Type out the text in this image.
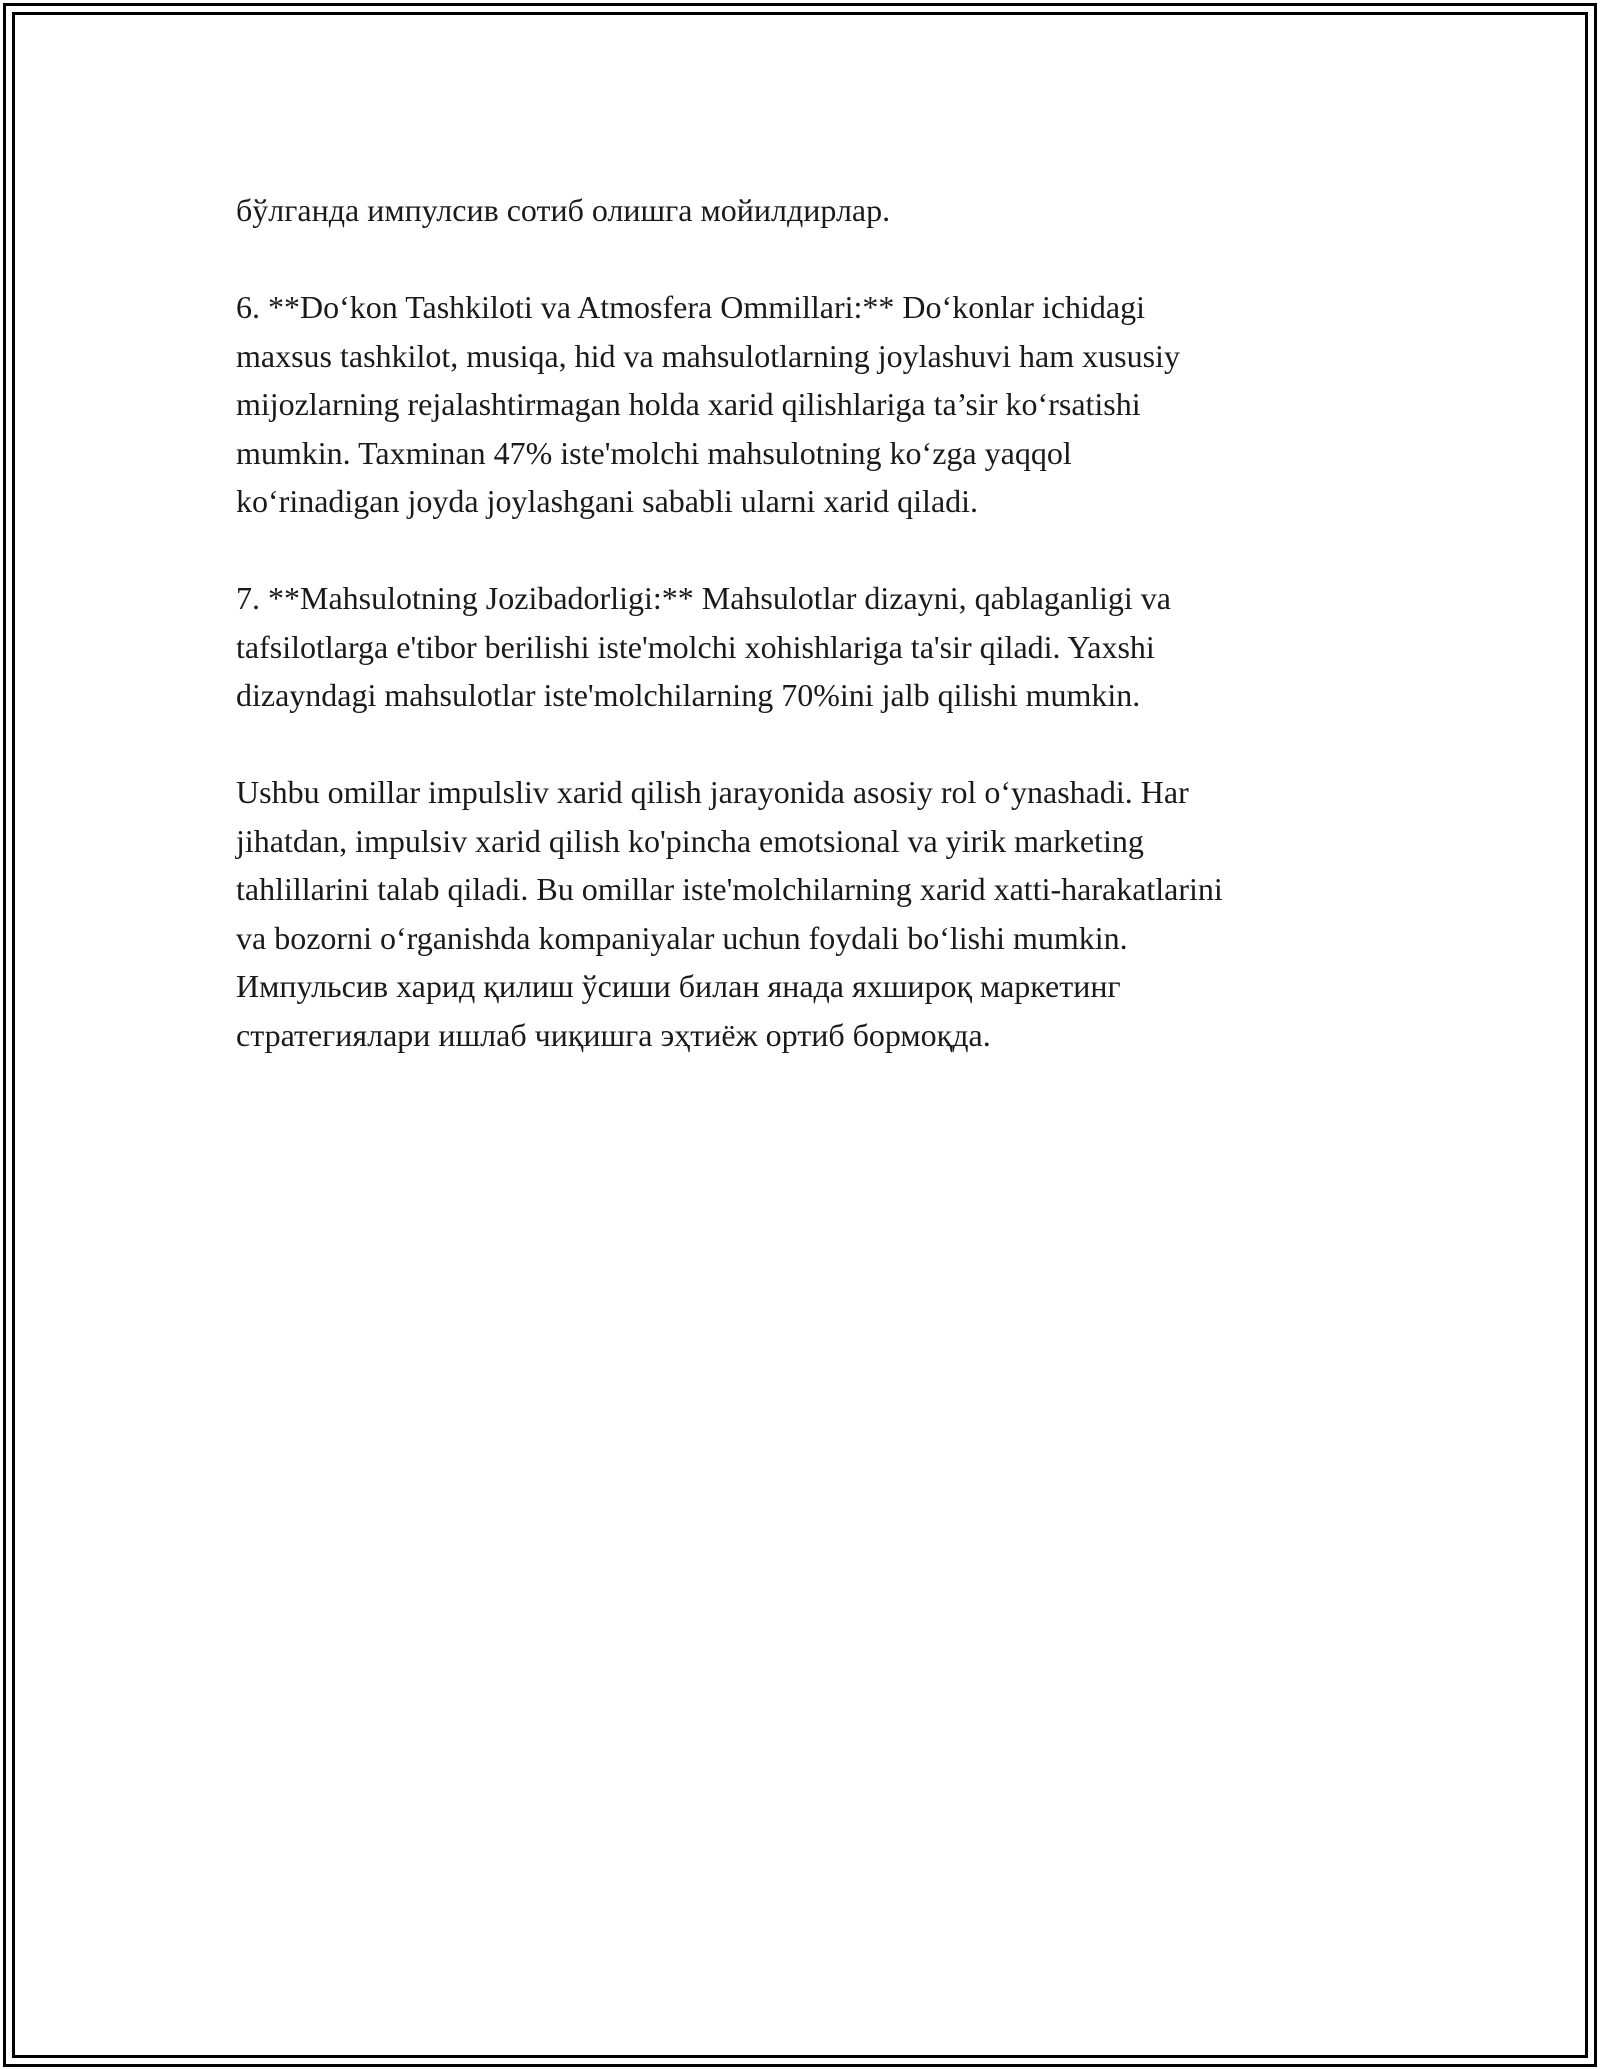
бўлганда импулсив сотиб олишга мойилдирлар.
6. **Do‘kon Tashkiloti va Atmosfera Ommillari:** Do‘konlar ichidagi
maxsus tashkilot, musiqa, hid va mahsulotlarning joylashuvi ham xususiy
mijozlarning rejalashtirmagan holda xarid qilishlariga ta’sir ko‘rsatishi
mumkin. Taxminan 47% iste'molchi mahsulotning ko‘zga yaqqol
ko‘rinadigan joyda joylashgani sababli ularni xarid qiladi.
7. **Mahsulotning Jozibadorligi:** Mahsulotlar dizayni, qablaganligi va
tafsilotlarga e'tibor berilishi iste'molchi xohishlariga ta'sir qiladi. Yaxshi
dizayndagi mahsulotlar iste'molchilarning 70%ini jalb qilishi mumkin.
Ushbu omillar impulsliv xarid qilish jarayonida asosiy rol o‘ynashadi. Har
jihatdan, impulsiv xarid qilish ko'pincha emotsional va yirik marketing
tahlillarini talab qiladi. Bu omillar iste'molchilarning xarid xatti-harakatlarini
va bozorni o‘rganishda kompaniyalar uchun foydali bo‘lishi mumkin.
Импульсив харид қилиш ўсиши билан янада яхшироқ маркетинг
стратегиялари ишлаб чиқишга эҳтиёж ортиб бормоқда.
